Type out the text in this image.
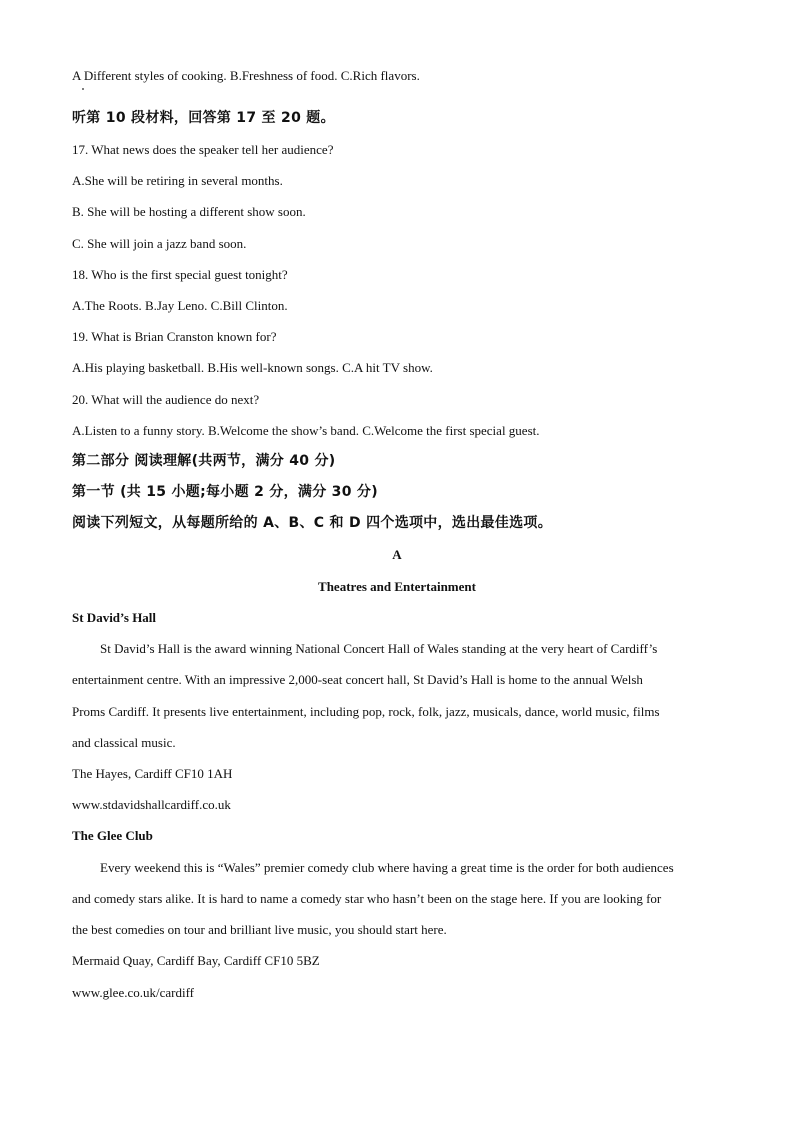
A Different styles of cooking. B.Freshness of food. C.Rich flavors.
听第 10 段材料，回答第 17 至 20 题。
17. What news does the speaker tell her audience?
A.She will be retiring in several months.
B. She will be hosting a different show soon.
C. She will join a jazz band soon.
18. Who is the first special guest tonight?
A.The Roots. B.Jay Leno. C.Bill Clinton.
19. What is Brian Cranston known for?
A.His playing basketball. B.His well-known songs. C.A hit TV show.
20. What will the audience do next?
A.Listen to a funny story. B.Welcome the show’s band. C.Welcome the first special guest.
第二部分 阅读理解(共两节，满分 40 分)
第一节 (共 15 小题;每小题 2 分，满分 30 分)
阅读下列短文，从每题所给的 A、B、C 和 D 四个选项中，选出最佳选项。
A
Theatres and Entertainment
St David’s Hall
St David’s Hall is the award winning National Concert Hall of Wales standing at the very heart of Cardiff’s
entertainment centre. With an impressive 2,000-seat concert hall, St David’s Hall is home to the annual Welsh
Proms Cardiff. It presents live entertainment, including pop, rock, folk, jazz, musicals, dance, world music, films
and classical music.
The Hayes, Cardiff CF10 1AH
www.stdavidshallcardiff.co.uk
The Glee Club
Every weekend this is “Wales” premier comedy club where having a great time is the order for both audiences
and comedy stars alike. It is hard to name a comedy star who hasn’t been on the stage here. If you are looking for
the best comedies on tour and brilliant live music, you should start here.
Mermaid Quay, Cardiff Bay, Cardiff CF10 5BZ
www.glee.co.uk/cardiff
